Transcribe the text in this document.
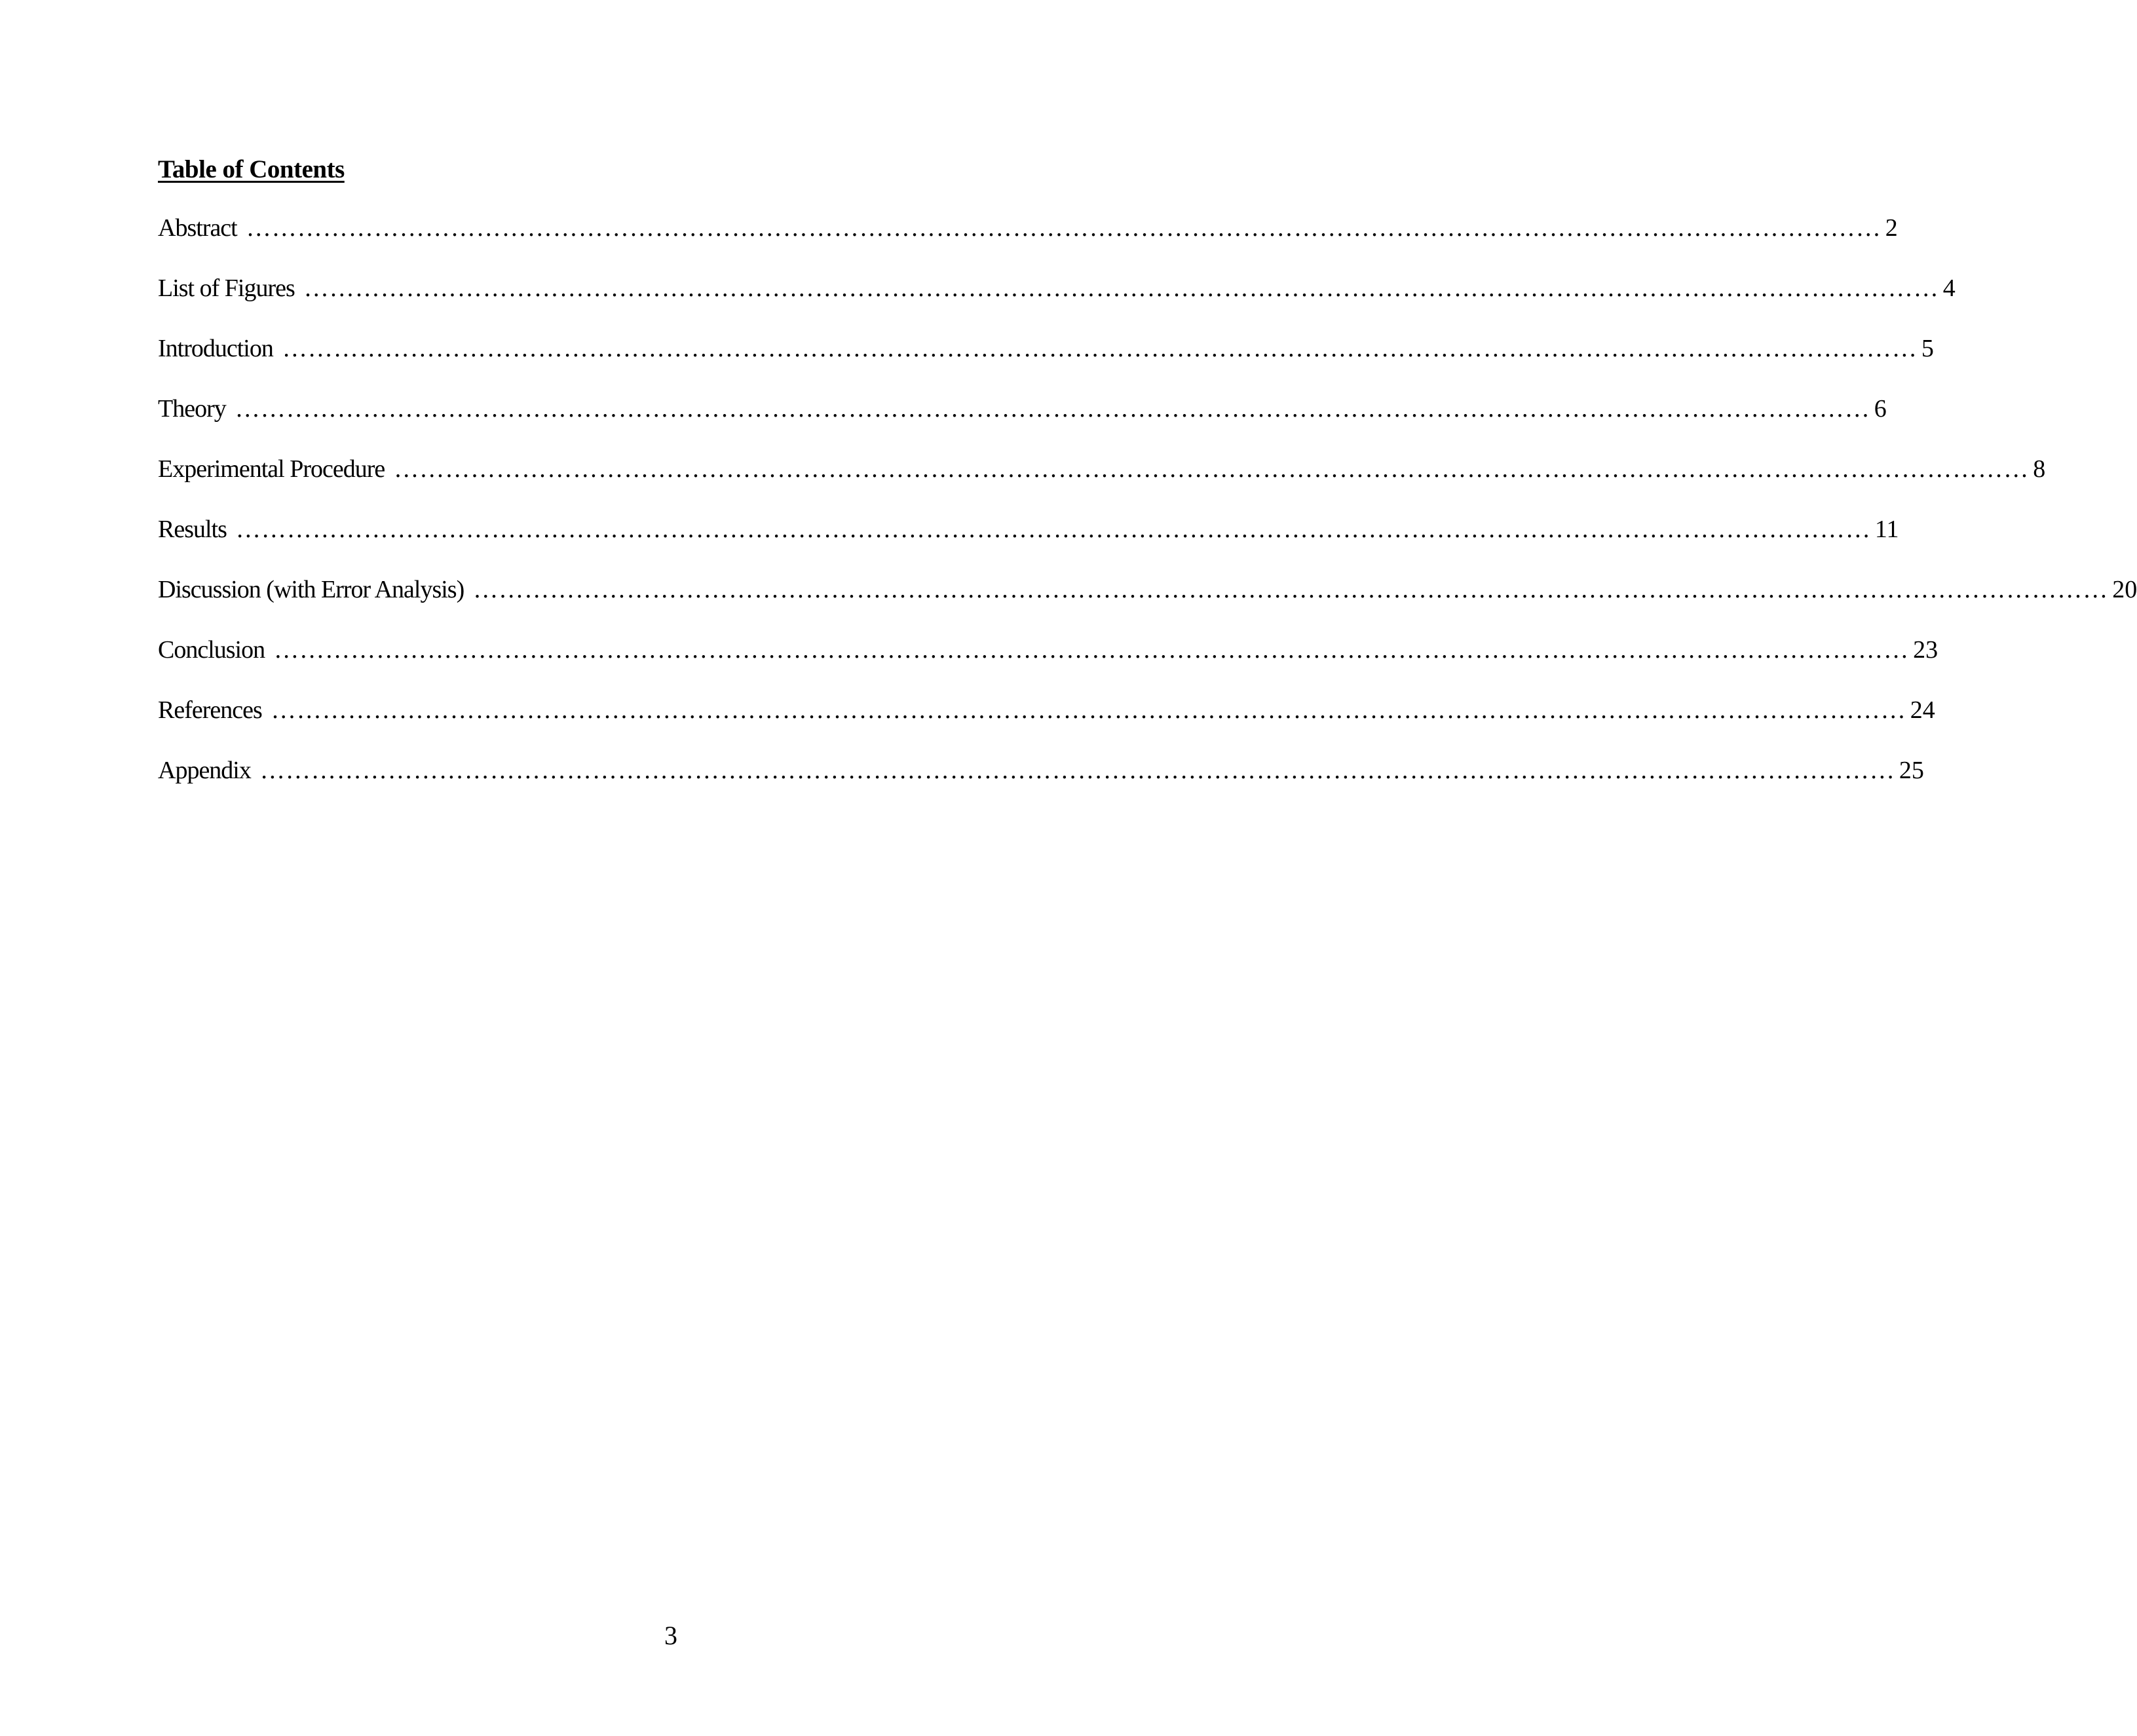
Table of Contents
Abstract ………………………………………………………………………………………………………………………………………………………………………… 2
List of Figures ………………………………………………………………………………………………………………………………………………………………………… 4
Introduction ………………………………………………………………………………………………………………………………………………………………………… 5
Theory ………………………………………………………………………………………………………………………………………………………………………… 6
Experimental Procedure ………………………………………………………………………………………………………………………………………………………………………… 8
Results ………………………………………………………………………………………………………………………………………………………………………… 11
Discussion (with Error Analysis) ………………………………………………………………………………………………………………………………………………………………………… 20
Conclusion ………………………………………………………………………………………………………………………………………………………………………… 23
References ………………………………………………………………………………………………………………………………………………………………………… 24
Appendix ………………………………………………………………………………………………………………………………………………………………………… 25
3
